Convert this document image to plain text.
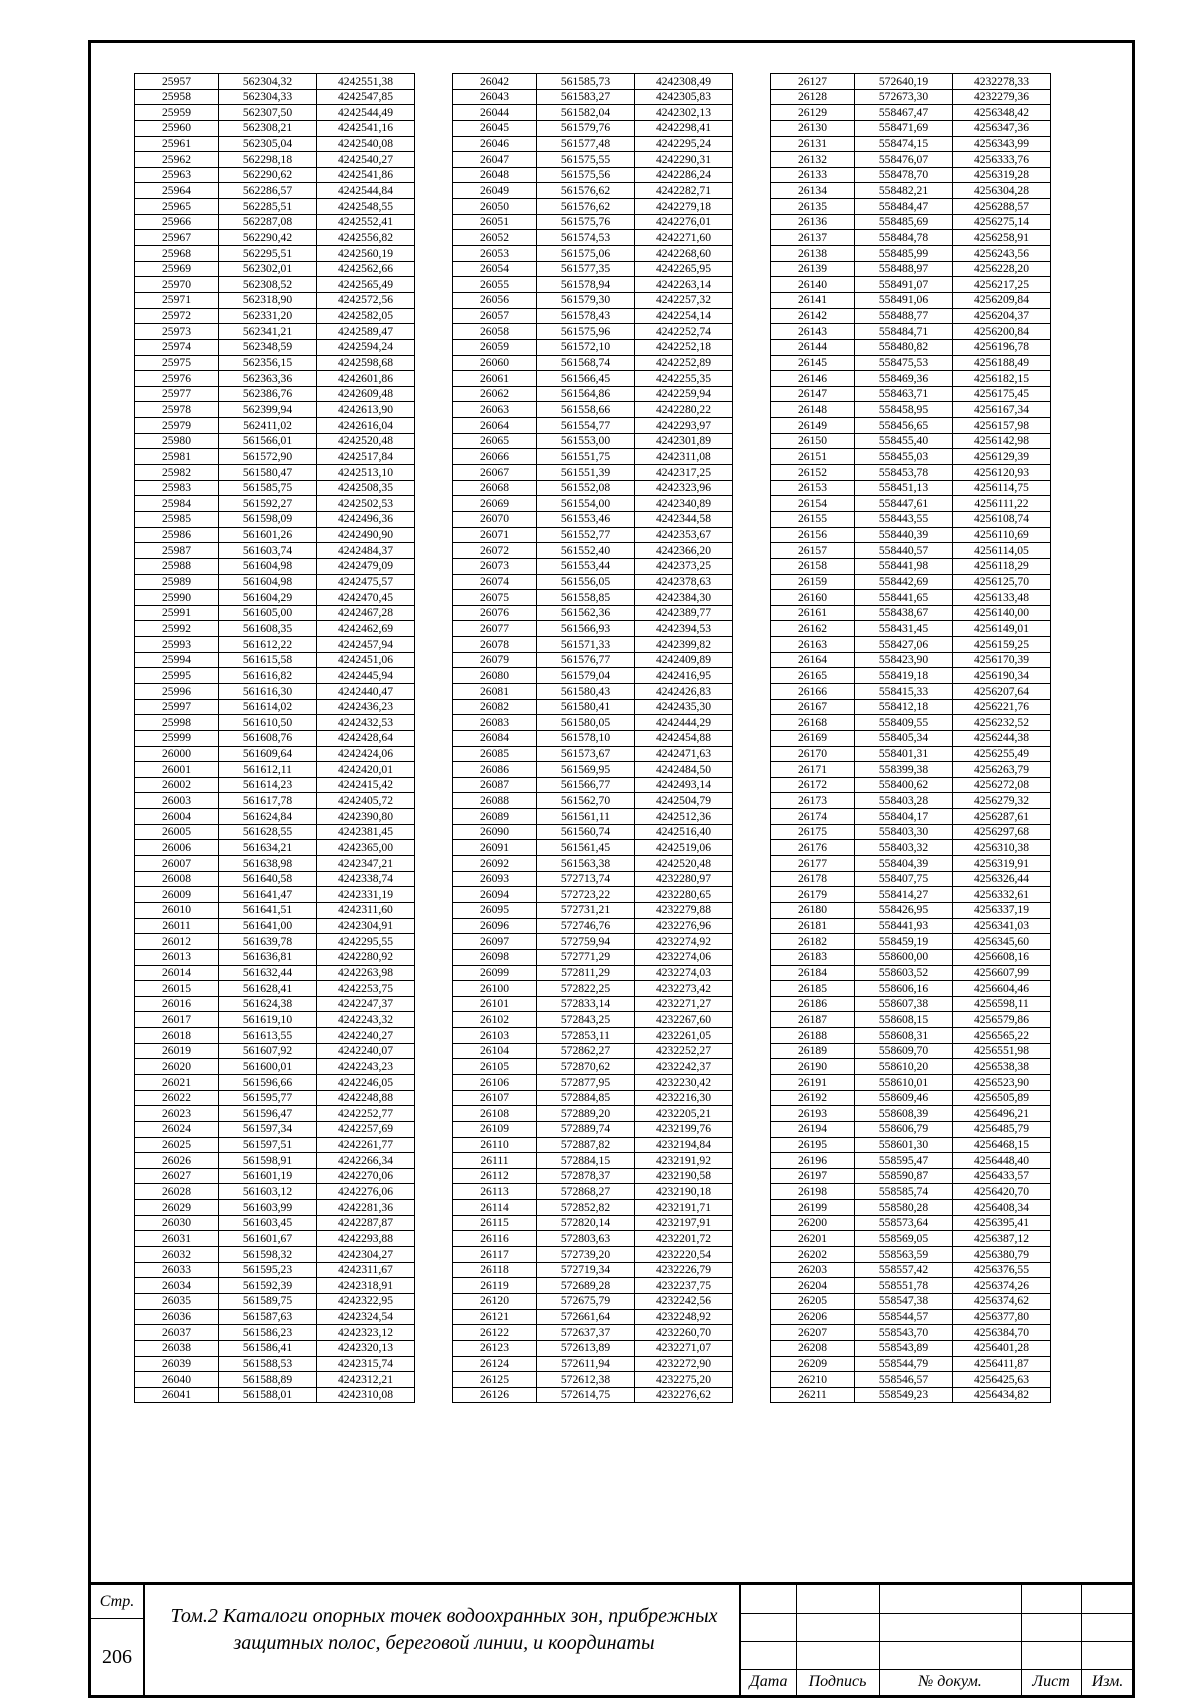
25957	562304,32	4242551,38
25958	562304,33	4242547,85
25959	562307,50	4242544,49
25960	562308,21	4242541,16
25961	562305,04	4242540,08
25962	562298,18	4242540,27
25963	562290,62	4242541,86
25964	562286,57	4242544,84
25965	562285,51	4242548,55
25966	562287,08	4242552,41
25967	562290,42	4242556,82
25968	562295,51	4242560,19
25969	562302,01	4242562,66
25970	562308,52	4242565,49
25971	562318,90	4242572,56
25972	562331,20	4242582,05
25973	562341,21	4242589,47
25974	562348,59	4242594,24
25975	562356,15	4242598,68
25976	562363,36	4242601,86
25977	562386,76	4242609,48
25978	562399,94	4242613,90
25979	562411,02	4242616,04
25980	561566,01	4242520,48
25981	561572,90	4242517,84
25982	561580,47	4242513,10
25983	561585,75	4242508,35
25984	561592,27	4242502,53
25985	561598,09	4242496,36
25986	561601,26	4242490,90
25987	561603,74	4242484,37
25988	561604,98	4242479,09
25989	561604,98	4242475,57
25990	561604,29	4242470,45
25991	561605,00	4242467,28
25992	561608,35	4242462,69
25993	561612,22	4242457,94
25994	561615,58	4242451,06
25995	561616,82	4242445,94
25996	561616,30	4242440,47
25997	561614,02	4242436,23
25998	561610,50	4242432,53
25999	561608,76	4242428,64
26000	561609,64	4242424,06
26001	561612,11	4242420,01
26002	561614,23	4242415,42
26003	561617,78	4242405,72
26004	561624,84	4242390,80
26005	561628,55	4242381,45
26006	561634,21	4242365,00
26007	561638,98	4242347,21
26008	561640,58	4242338,74
26009	561641,47	4242331,19
26010	561641,51	4242311,60
26011	561641,00	4242304,91
26012	561639,78	4242295,55
26013	561636,81	4242280,92
26014	561632,44	4242263,98
26015	561628,41	4242253,75
26016	561624,38	4242247,37
26017	561619,10	4242243,32
26018	561613,55	4242240,27
26019	561607,92	4242240,07
26020	561600,01	4242243,23
26021	561596,66	4242246,05
26022	561595,77	4242248,88
26023	561596,47	4242252,77
26024	561597,34	4242257,69
26025	561597,51	4242261,77
26026	561598,91	4242266,34
26027	561601,19	4242270,06
26028	561603,12	4242276,06
26029	561603,99	4242281,36
26030	561603,45	4242287,87
26031	561601,67	4242293,88
26032	561598,32	4242304,27
26033	561595,23	4242311,67
26034	561592,39	4242318,91
26035	561589,75	4242322,95
26036	561587,63	4242324,54
26037	561586,23	4242323,12
26038	561586,41	4242320,13
26039	561588,53	4242315,74
26040	561588,89	4242312,21
26041	561588,01	4242310,08
26042	561585,73	4242308,49
26043	561583,27	4242305,83
26044	561582,04	4242302,13
26045	561579,76	4242298,41
26046	561577,48	4242295,24
26047	561575,55	4242290,31
26048	561575,56	4242286,24
26049	561576,62	4242282,71
26050	561576,62	4242279,18
26051	561575,76	4242276,01
26052	561574,53	4242271,60
26053	561575,06	4242268,60
26054	561577,35	4242265,95
26055	561578,94	4242263,14
26056	561579,30	4242257,32
26057	561578,43	4242254,14
26058	561575,96	4242252,74
26059	561572,10	4242252,18
26060	561568,74	4242252,89
26061	561566,45	4242255,35
26062	561564,86	4242259,94
26063	561558,66	4242280,22
26064	561554,77	4242293,97
26065	561553,00	4242301,89
26066	561551,75	4242311,08
26067	561551,39	4242317,25
26068	561552,08	4242323,96
26069	561554,00	4242340,89
26070	561553,46	4242344,58
26071	561552,77	4242353,67
26072	561552,40	4242366,20
26073	561553,44	4242373,25
26074	561556,05	4242378,63
26075	561558,85	4242384,30
26076	561562,36	4242389,77
26077	561566,93	4242394,53
26078	561571,33	4242399,82
26079	561576,77	4242409,89
26080	561579,04	4242416,95
26081	561580,43	4242426,83
26082	561580,41	4242435,30
26083	561580,05	4242444,29
26084	561578,10	4242454,88
26085	561573,67	4242471,63
26086	561569,95	4242484,50
26087	561566,77	4242493,14
26088	561562,70	4242504,79
26089	561561,11	4242512,36
26090	561560,74	4242516,40
26091	561561,45	4242519,06
26092	561563,38	4242520,48
26093	572713,74	4232280,97
26094	572723,22	4232280,65
26095	572731,21	4232279,88
26096	572746,76	4232276,96
26097	572759,94	4232274,92
26098	572771,29	4232274,06
26099	572811,29	4232274,03
26100	572822,25	4232273,42
26101	572833,14	4232271,27
26102	572843,25	4232267,60
26103	572853,11	4232261,05
26104	572862,27	4232252,27
26105	572870,62	4232242,37
26106	572877,95	4232230,42
26107	572884,85	4232216,30
26108	572889,20	4232205,21
26109	572889,74	4232199,76
26110	572887,82	4232194,84
26111	572884,15	4232191,92
26112	572878,37	4232190,58
26113	572868,27	4232190,18
26114	572852,82	4232191,71
26115	572820,14	4232197,91
26116	572803,63	4232201,72
26117	572739,20	4232220,54
26118	572719,34	4232226,79
26119	572689,28	4232237,75
26120	572675,79	4232242,56
26121	572661,64	4232248,92
26122	572637,37	4232260,70
26123	572613,89	4232271,07
26124	572611,94	4232272,90
26125	572612,38	4232275,20
26126	572614,75	4232276,62
26127	572640,19	4232278,33
26128	572673,30	4232279,36
26129	558467,47	4256348,42
26130	558471,69	4256347,36
26131	558474,15	4256343,99
26132	558476,07	4256333,76
26133	558478,70	4256319,28
26134	558482,21	4256304,28
26135	558484,47	4256288,57
26136	558485,69	4256275,14
26137	558484,78	4256258,91
26138	558485,99	4256243,56
26139	558488,97	4256228,20
26140	558491,07	4256217,25
26141	558491,06	4256209,84
26142	558488,77	4256204,37
26143	558484,71	4256200,84
26144	558480,82	4256196,78
26145	558475,53	4256188,49
26146	558469,36	4256182,15
26147	558463,71	4256175,45
26148	558458,95	4256167,34
26149	558456,65	4256157,98
26150	558455,40	4256142,98
26151	558455,03	4256129,39
26152	558453,78	4256120,93
26153	558451,13	4256114,75
26154	558447,61	4256111,22
26155	558443,55	4256108,74
26156	558440,39	4256110,69
26157	558440,57	4256114,05
26158	558441,98	4256118,29
26159	558442,69	4256125,70
26160	558441,65	4256133,48
26161	558438,67	4256140,00
26162	558431,45	4256149,01
26163	558427,06	4256159,25
26164	558423,90	4256170,39
26165	558419,18	4256190,34
26166	558415,33	4256207,64
26167	558412,18	4256221,76
26168	558409,55	4256232,52
26169	558405,34	4256244,38
26170	558401,31	4256255,49
26171	558399,38	4256263,79
26172	558400,62	4256272,08
26173	558403,28	4256279,32
26174	558404,17	4256287,61
26175	558403,30	4256297,68
26176	558403,32	4256310,38
26177	558404,39	4256319,91
26178	558407,75	4256326,44
26179	558414,27	4256332,61
26180	558426,95	4256337,19
26181	558441,93	4256341,03
26182	558459,19	4256345,60
26183	558600,00	4256608,16
26184	558603,52	4256607,99
26185	558606,16	4256604,46
26186	558607,38	4256598,11
26187	558608,15	4256579,86
26188	558608,31	4256565,22
26189	558609,70	4256551,98
26190	558610,20	4256538,38
26191	558610,01	4256523,90
26192	558609,46	4256505,89
26193	558608,39	4256496,21
26194	558606,79	4256485,79
26195	558601,30	4256468,15
26196	558595,47	4256448,40
26197	558590,87	4256433,57
26198	558585,74	4256420,70
26199	558580,28	4256408,34
26200	558573,64	4256395,41
26201	558569,05	4256387,12
26202	558563,59	4256380,79
26203	558557,42	4256376,55
26204	558551,78	4256374,26
26205	558547,38	4256374,62
26206	558544,57	4256377,80
26207	558543,70	4256384,70
26208	558543,89	4256401,28
26209	558544,79	4256411,87
26210	558546,57	4256425,63
26211	558549,23	4256434,82
Стр.
206
Том.2 Каталоги опорных точек водоохранных зон, прибрежных защитных полос, береговой линии, и координаты
Дата	Подпись	№ докум.	Лист	Изм.
